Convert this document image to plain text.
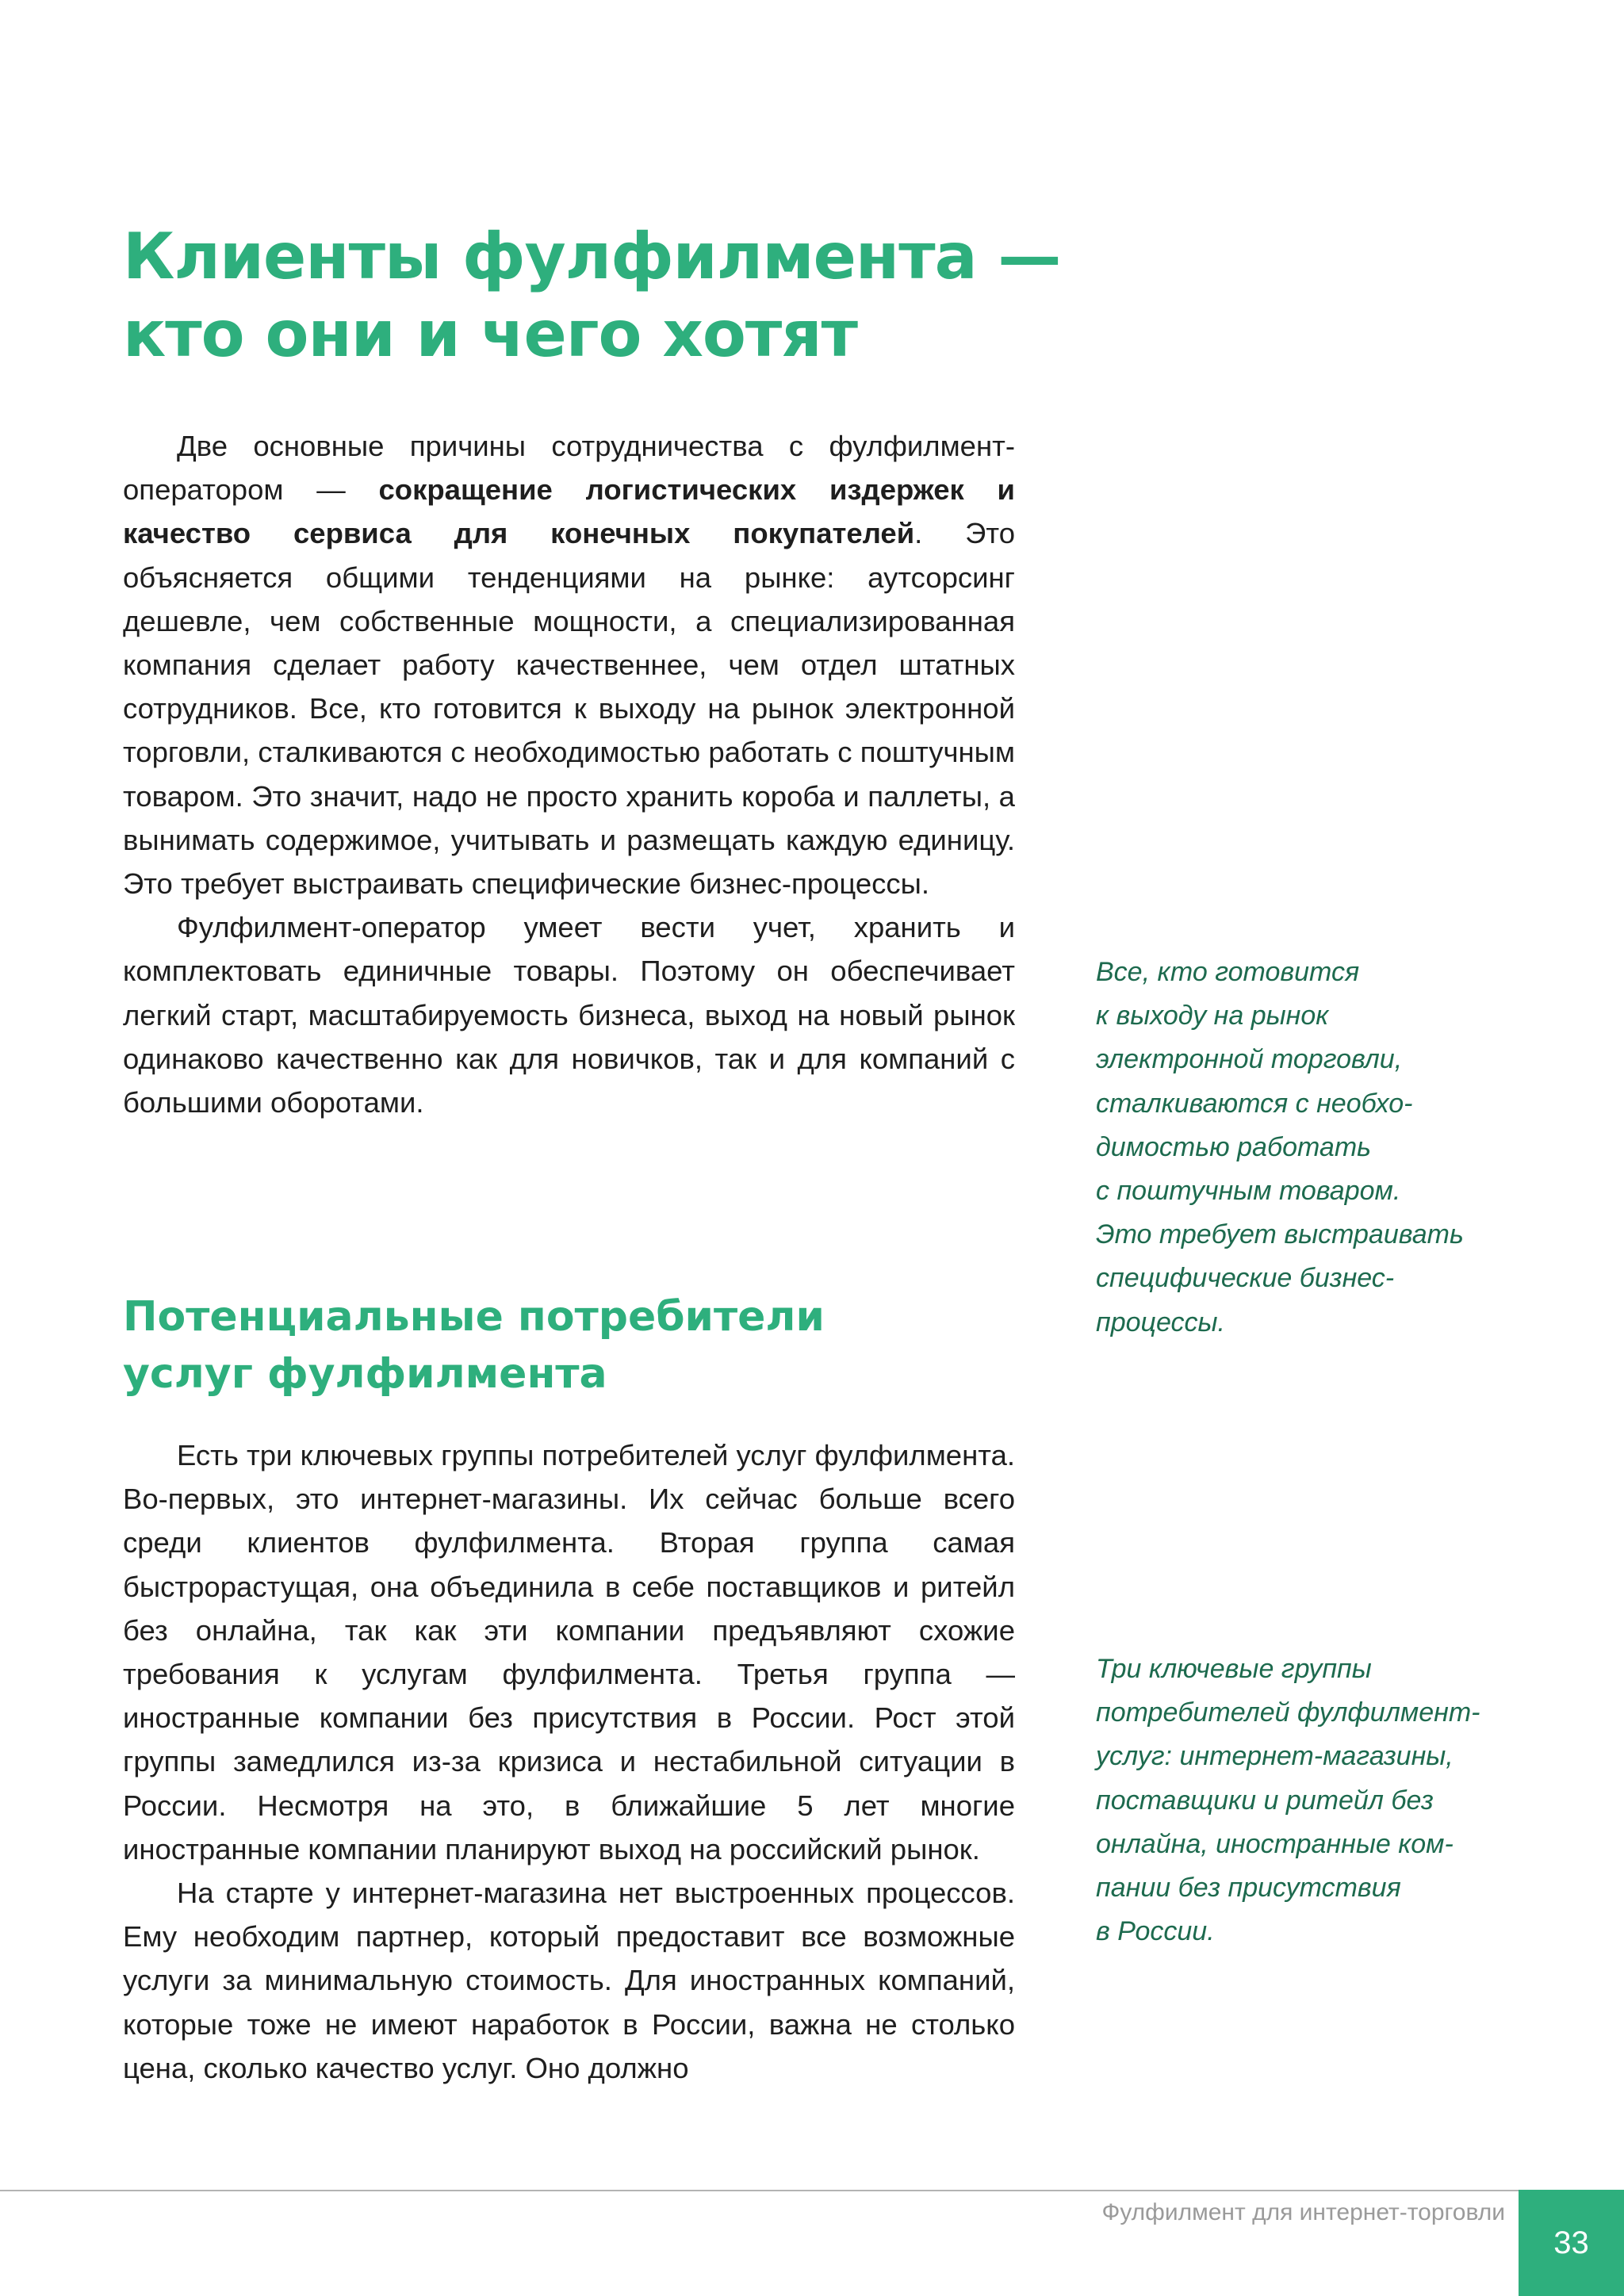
Клиенты фулфилмента —
кто они и чего хотят

Две основные причины сотрудничества с фулфилмент-оператором — сокращение логистических издержек и качество сервиса для конечных покупателей. Это объясняется общими тенденциями на рынке: аутсорсинг дешевле, чем собственные мощности, а специализированная компания сделает работу качественнее, чем отдел штатных сотрудников. Все, кто готовится к выходу на рынок электронной торговли, сталкиваются с необходимостью работать с поштучным товаром. Это значит, надо не просто хранить короба и паллеты, а вынимать содержимое, учитывать и размещать каждую единицу. Это требует выстраивать специфические бизнес-процессы.

Фулфилмент-оператор умеет вести учет, хранить и комплектовать единичные товары. Поэтому он обеспечивает легкий старт, масштабируемость бизнеса, выход на новый рынок одинаково качественно как для новичков, так и для компаний с большими оборотами.

Все, кто готовится
к выходу на рынок
электронной торговли,
сталкиваются с необхо-
димостью работать
с поштучным товаром.
Это требует выстраивать
специфические бизнес-
процессы.
Потенциальные потребители
услуг фулфилмента

Есть три ключевых группы потребителей услуг фулфилмента. Во-первых, это интернет-магазины. Их сейчас больше всего среди клиентов фулфилмента. Вторая группа самая быстрорастущая, она объединила в себе поставщиков и ритейл без онлайна, так как эти компании предъявляют схожие требования к услугам фулфилмента. Третья группа — иностранные компании без присутствия в России. Рост этой группы замедлился из-за кризиса и нестабильной ситуации в России. Несмотря на это, в ближайшие 5 лет многие иностранные компании планируют выход на российский рынок.

На старте у интернет-магазина нет выстроенных процессов. Ему необходим партнер, который предоставит все возможные услуги за минимальную стоимость. Для иностранных компаний, которые тоже не имеют наработок в России, важна не столько цена, сколько качество услуг. Оно должно

Три ключевые группы
потребителей фулфилмент-
услуг: интернет-магазины,
поставщики и ритейл без
онлайна, иностранные ком-
пании без присутствия
в России.
Фулфилмент для интернет-торговли
33
